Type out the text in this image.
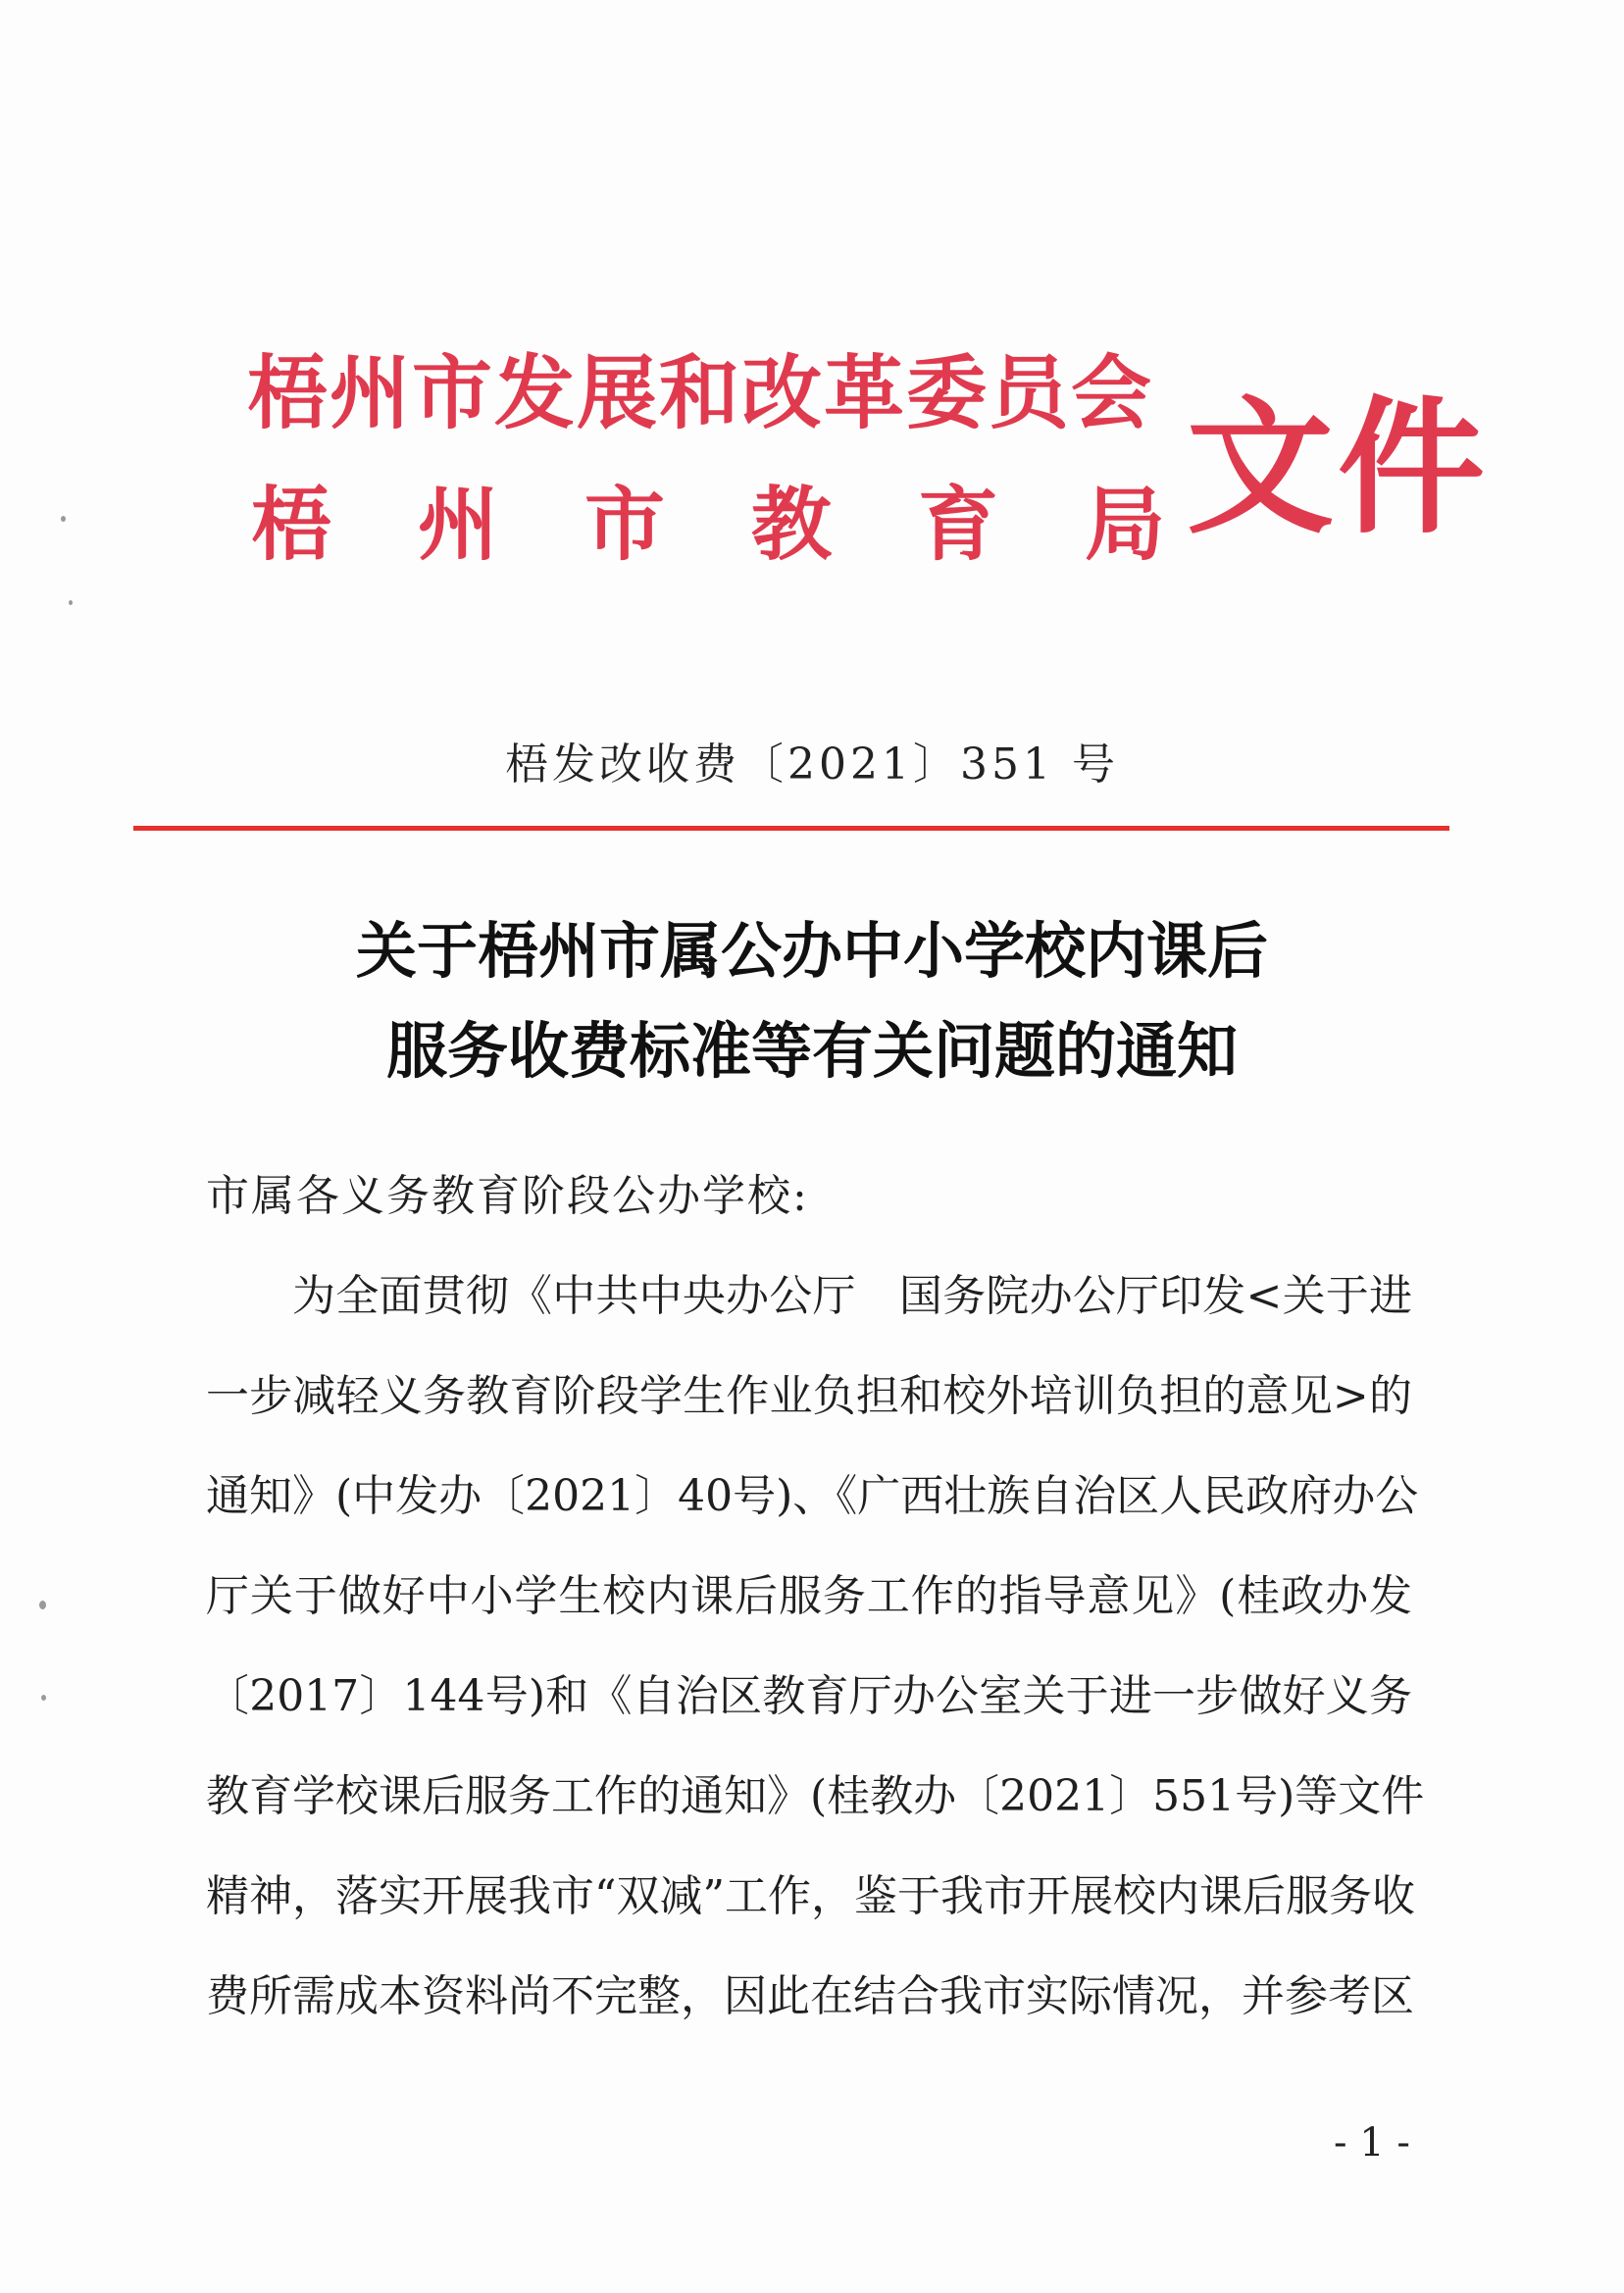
梧州市发展和改革委员会
梧 州 市 教 育 局 文件
梧发改收费〔2021〕351 号
关于梧州市属公办中小学校内课后
服务收费标准等有关问题的通知
市属各义务教育阶段公办学校:
为全面贯彻《中共中央办公厅　国务院办公厅印发<关于进
一步减轻义务教育阶段学生作业负担和校外培训负担的意见>的
通知》(中发办〔2021〕40号)、《广西壮族自治区人民政府办公
厅关于做好中小学生校内课后服务工作的指导意见》(桂政办发
〔2017〕144号)和《自治区教育厅办公室关于进一步做好义务
教育学校课后服务工作的通知》(桂教办〔2021〕551号)等文件
精神，落实开展我市“双减”工作，鉴于我市开展校内课后服务收
费所需成本资料尚不完整，因此在结合我市实际情况，并参考区
- 1 -
